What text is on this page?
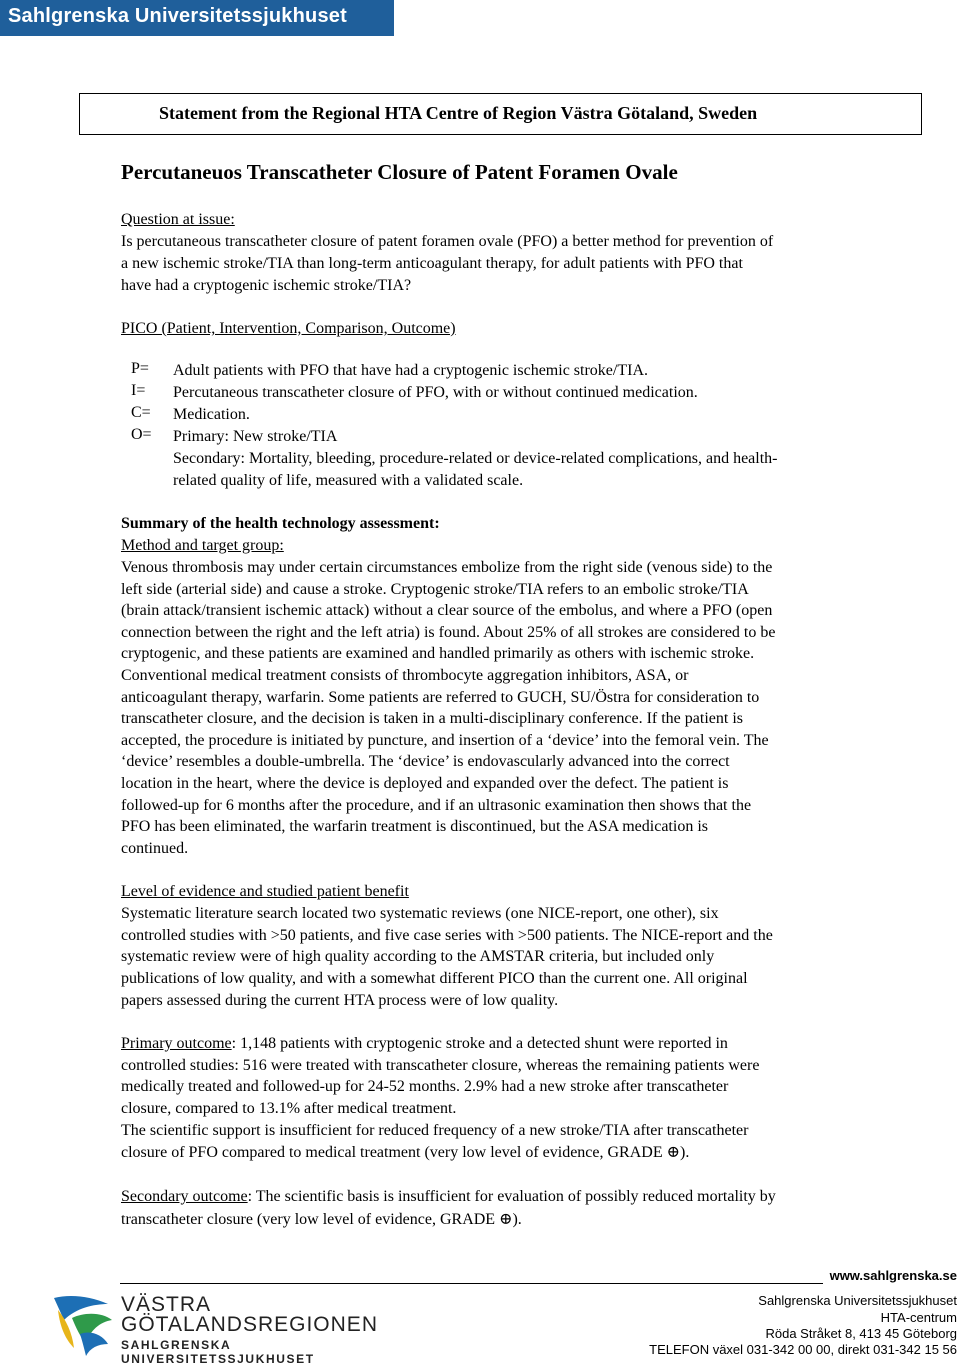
Sahlgrenska Universitetssjukhuset
Statement from the Regional HTA Centre of Region Västra Götaland, Sweden
Percutaneuos Transcatheter Closure of Patent Foramen Ovale
Question at issue:
Is percutaneous transcatheter closure of patent foramen ovale (PFO) a better method for prevention of
a new ischemic stroke/TIA than long-term anticoagulant therapy, for adult patients with PFO that
have had a cryptogenic ischemic stroke/TIA?
PICO (Patient, Intervention, Comparison, Outcome)
P= Adult patients with PFO that have had a cryptogenic ischemic stroke/TIA.
I= Percutaneous transcatheter closure of PFO, with or without continued medication.
C= Medication.
O= Primary: New stroke/TIA
Secondary: Mortality, bleeding, procedure-related or device-related complications, and health-
related quality of life, measured with a validated scale.
Summary of the health technology assessment:
Method and target group:
Venous thrombosis may under certain circumstances embolize from the right side (venous side) to the
left side (arterial side) and cause a stroke. Cryptogenic stroke/TIA refers to an embolic stroke/TIA
(brain attack/transient ischemic attack) without a clear source of the embolus, and where a PFO (open
connection between the right and the left atria) is found. About 25% of all strokes are considered to be
cryptogenic, and these patients are examined and handled primarily as others with ischemic stroke.
Conventional medical treatment consists of thrombocyte aggregation inhibitors, ASA, or
anticoagulant therapy, warfarin. Some patients are referred to GUCH, SU/Östra for consideration to
transcatheter closure, and the decision is taken in a multi-disciplinary conference. If the patient is
accepted, the procedure is initiated by puncture, and insertion of a ‘device’ into the femoral vein. The
‘device’ resembles a double-umbrella. The ‘device’ is endovascularly advanced into the correct
location in the heart, where the device is deployed and expanded over the defect. The patient is
followed-up for 6 months after the procedure, and if an ultrasonic examination then shows that the
PFO has been eliminated, the warfarin treatment is discontinued, but the ASA medication is
continued.
Level of evidence and studied patient benefit
Systematic literature search located two systematic reviews (one NICE-report, one other), six
controlled studies with >50 patients, and five case series with >500 patients. The NICE-report and the
systematic review were of high quality according to the AMSTAR criteria, but included only
publications of low quality, and with a somewhat different PICO than the current one. All original
papers assessed during the current HTA process were of low quality.
Primary outcome: 1,148 patients with cryptogenic stroke and a detected shunt were reported in
controlled studies: 516 were treated with transcatheter closure, whereas the remaining patients were
medically treated and followed-up for 24-52 months. 2.9% had a new stroke after transcatheter
closure, compared to 13.1% after medical treatment.
The scientific support is insufficient for reduced frequency of a new stroke/TIA after transcatheter
closure of PFO compared to medical treatment (very low level of evidence, GRADE ⊕).
Secondary outcome: The scientific basis is insufficient for evaluation of possibly reduced mortality by
transcatheter closure (very low level of evidence, GRADE ⊕).
www.sahlgrenska.se
Sahlgrenska Universitetssjukhuset
HTA-centrum
Röda Stråket 8, 413 45 Göteborg
TELEFON växel 031-342 00 00, direkt 031-342 15 56
VÄSTRA
GÖTALANDSREGIONEN
SAHLGRENSKA UNIVERSITETSSJUKHUSET
